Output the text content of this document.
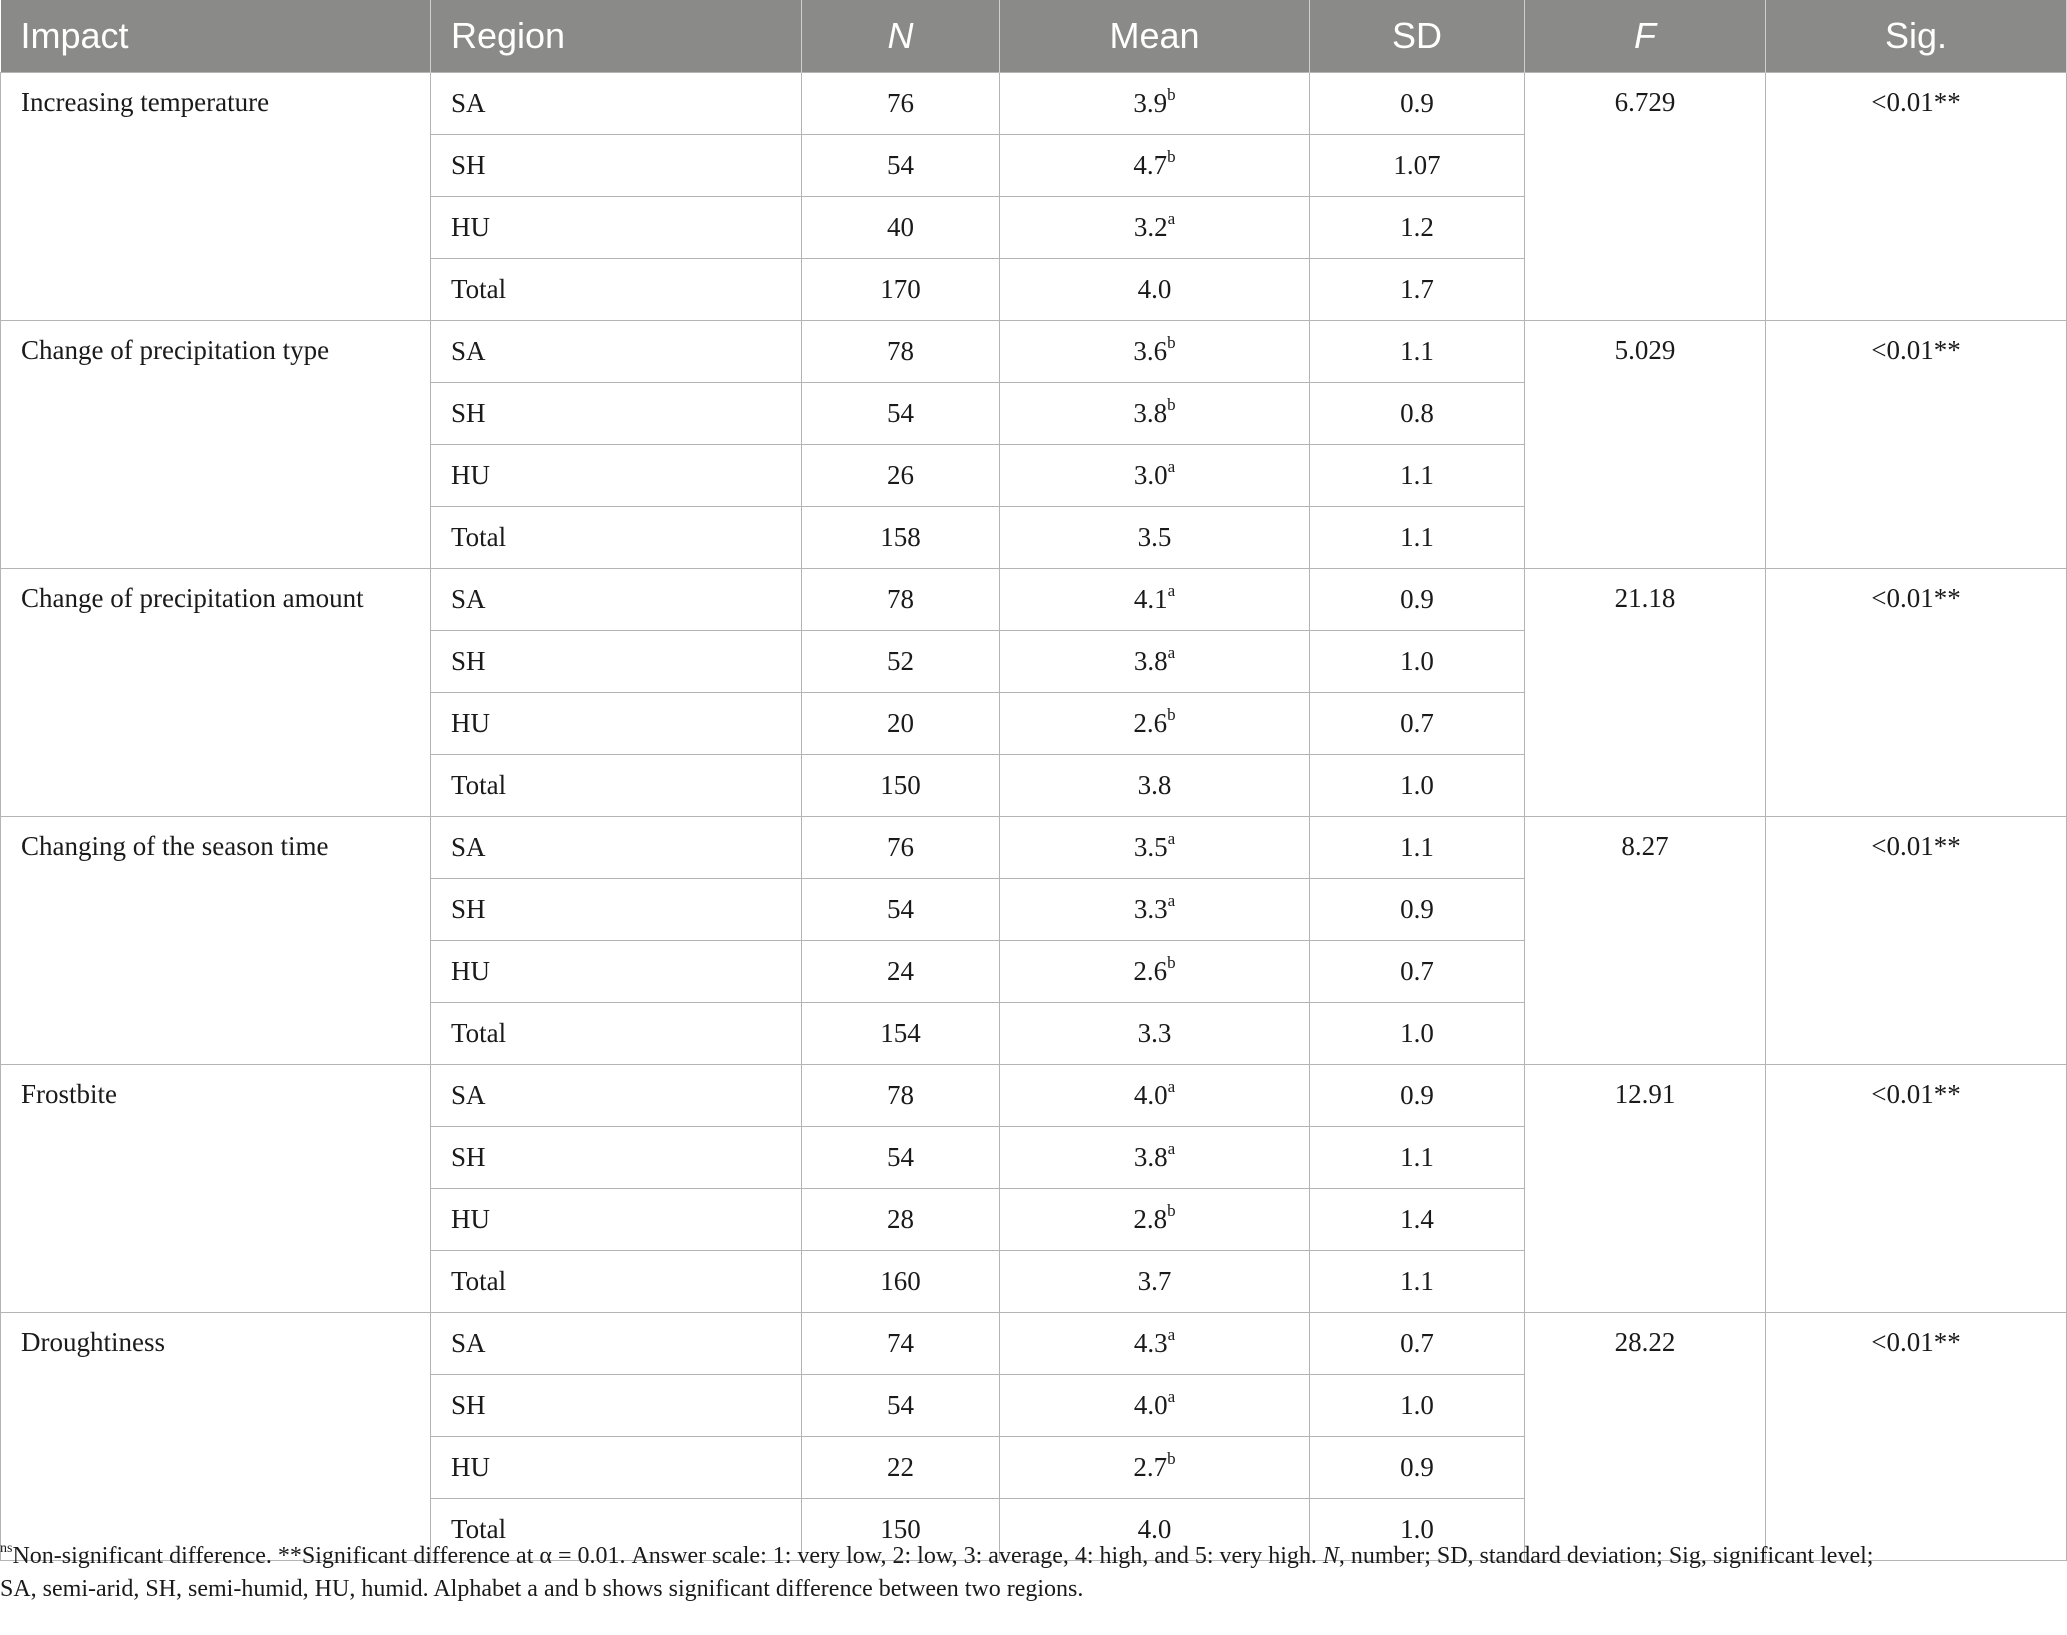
Impact	Region	N	Mean	SD	F	Sig.
Increasing temperature	SA	76	3.9$^b$	0.9	6.729	<0.01**
	SH	54	4.7$^b$	1.07		
	HU	40	3.2$^a$	1.2		
	Total	170	4.0	1.7		
Change of precipitation type	SA	78	3.6$^b$	1.1	5.029	<0.01**
	SH	54	3.8$^b$	0.8		
	HU	26	3.0$^a$	1.1		
	Total	158	3.5	1.1		
Change of precipitation amount	SA	78	4.1$^a$	0.9	21.18	<0.01**
	SH	52	3.8$^a$	1.0		
	HU	20	2.6$^b$	0.7		
	Total	150	3.8	1.0		
Changing of the season time	SA	76	3.5$^a$	1.1	8.27	<0.01**
	SH	54	3.3$^a$	0.9		
	HU	24	2.6$^b$	0.7		
	Total	154	3.3	1.0		
Frostbite	SA	78	4.0$^a$	0.9	12.91	<0.01**
	SH	54	3.8$^a$	1.1		
	HU	28	2.8$^b$	1.4		
	Total	160	3.7	1.1		
Droughtiness	SA	74	4.3$^a$	0.7	28.22	<0.01**
	SH	54	4.0$^a$	1.0		
	HU	22	2.7$^b$	0.9		
	Total	150	4.0	1.0		
$^{ns}$Non-significant difference. **Significant difference at α = 0.01. Answer scale: 1: very low, 2: low, 3: average, 4: high, and 5: very high. N, number; SD, standard deviation; Sig, significant level;
SA, semi-arid, SH, semi-humid, HU, humid. Alphabet a and b shows significant difference between two regions.
